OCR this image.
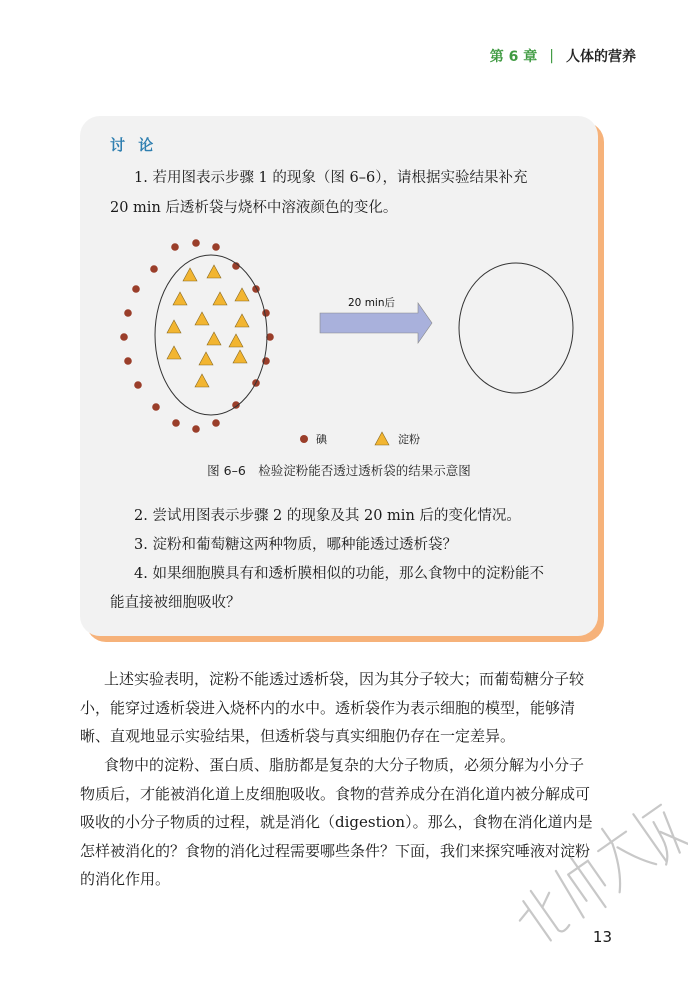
第 6 章 | 人体的营养
讨 论
1. 若用图表示步骤 1 的现象（图 6–6），请根据实验结果补充
20 min 后透析袋与烧杯中溶液颜色的变化。
20 min后
碘	淀粉
图 6–6　检验淀粉能否透过透析袋的结果示意图
2. 尝试用图表示步骤 2 的现象及其 20 min 后的变化情况。
3. 淀粉和葡萄糖这两种物质，哪种能透过透析袋？
4. 如果细胞膜具有和透析膜相似的功能，那么食物中的淀粉能不
能直接被细胞吸收？
上述实验表明，淀粉不能透过透析袋，因为其分子较大；而葡萄糖分子较
小，能穿过透析袋进入烧杯内的水中。透析袋作为表示细胞的模型，能够清
晰、直观地显示实验结果，但透析袋与真实细胞仍存在一定差异。
食物中的淀粉、蛋白质、脂肪都是复杂的大分子物质，必须分解为小分子
物质后，才能被消化道上皮细胞吸收。食物的营养成分在消化道内被分解成可
吸收的小分子物质的过程，就是消化（digestion）。那么，食物在消化道内是
怎样被消化的？食物的消化过程需要哪些条件？下面，我们来探究唾液对淀粉
的消化作用。
13
